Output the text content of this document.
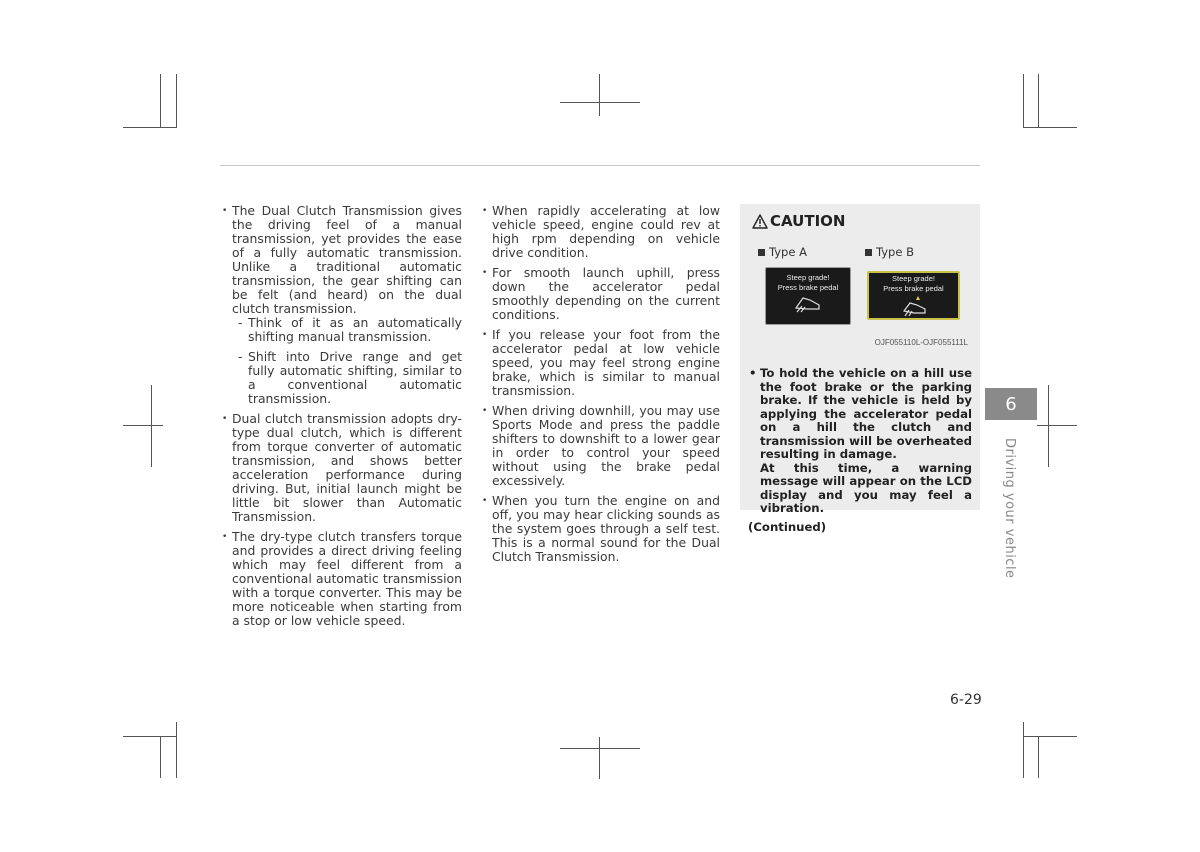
• The Dual Clutch Transmission gives the driving feel of a manual transmission, yet provides the ease of a fully automatic transmission. Unlike a traditional automatic transmission, the gear shifting can be felt (and heard) on the dual clutch transmission.
- Think of it as an automatically shifting manual transmission.
- Shift into Drive range and get fully automatic shifting, similar to a conventional automatic transmission.
• Dual clutch transmission adopts dry-type dual clutch, which is different from torque converter of automatic transmission, and shows better acceleration performance during driving. But, initial launch might be little bit slower than Automatic Transmission.
• The dry-type clutch transfers torque and provides a direct driving feeling which may feel different from a conventional automatic transmission with a torque converter. This may be more noticeable when starting from a stop or low vehicle speed.
• When rapidly accelerating at low vehicle speed, engine could rev at high rpm depending on vehicle drive condition.
• For smooth launch uphill, press down the accelerator pedal smoothly depending on the current conditions.
• If you release your foot from the accelerator pedal at low vehicle speed, you may feel strong engine brake, which is similar to manual transmission.
• When driving downhill, you may use Sports Mode and press the paddle shifters to downshift to a lower gear in order to control your speed without using the brake pedal excessively.
• When you turn the engine on and off, you may hear clicking sounds as the system goes through a self test. This is a normal sound for the Dual Clutch Transmission.
CAUTION
Type A	Type B
Steep grade!
Press brake pedal
Steep grade!
Press brake pedal
OJF055110L-OJF055111L

• To hold the vehicle on a hill use the foot brake or the parking brake. If the vehicle is held by applying the accelerator pedal on a hill the clutch and transmission will be overheated resulting in damage.

At this time, a warning message will appear on the LCD display and you may feel a vibration.

(Continued)

6
Driving your vehicle
6-29
